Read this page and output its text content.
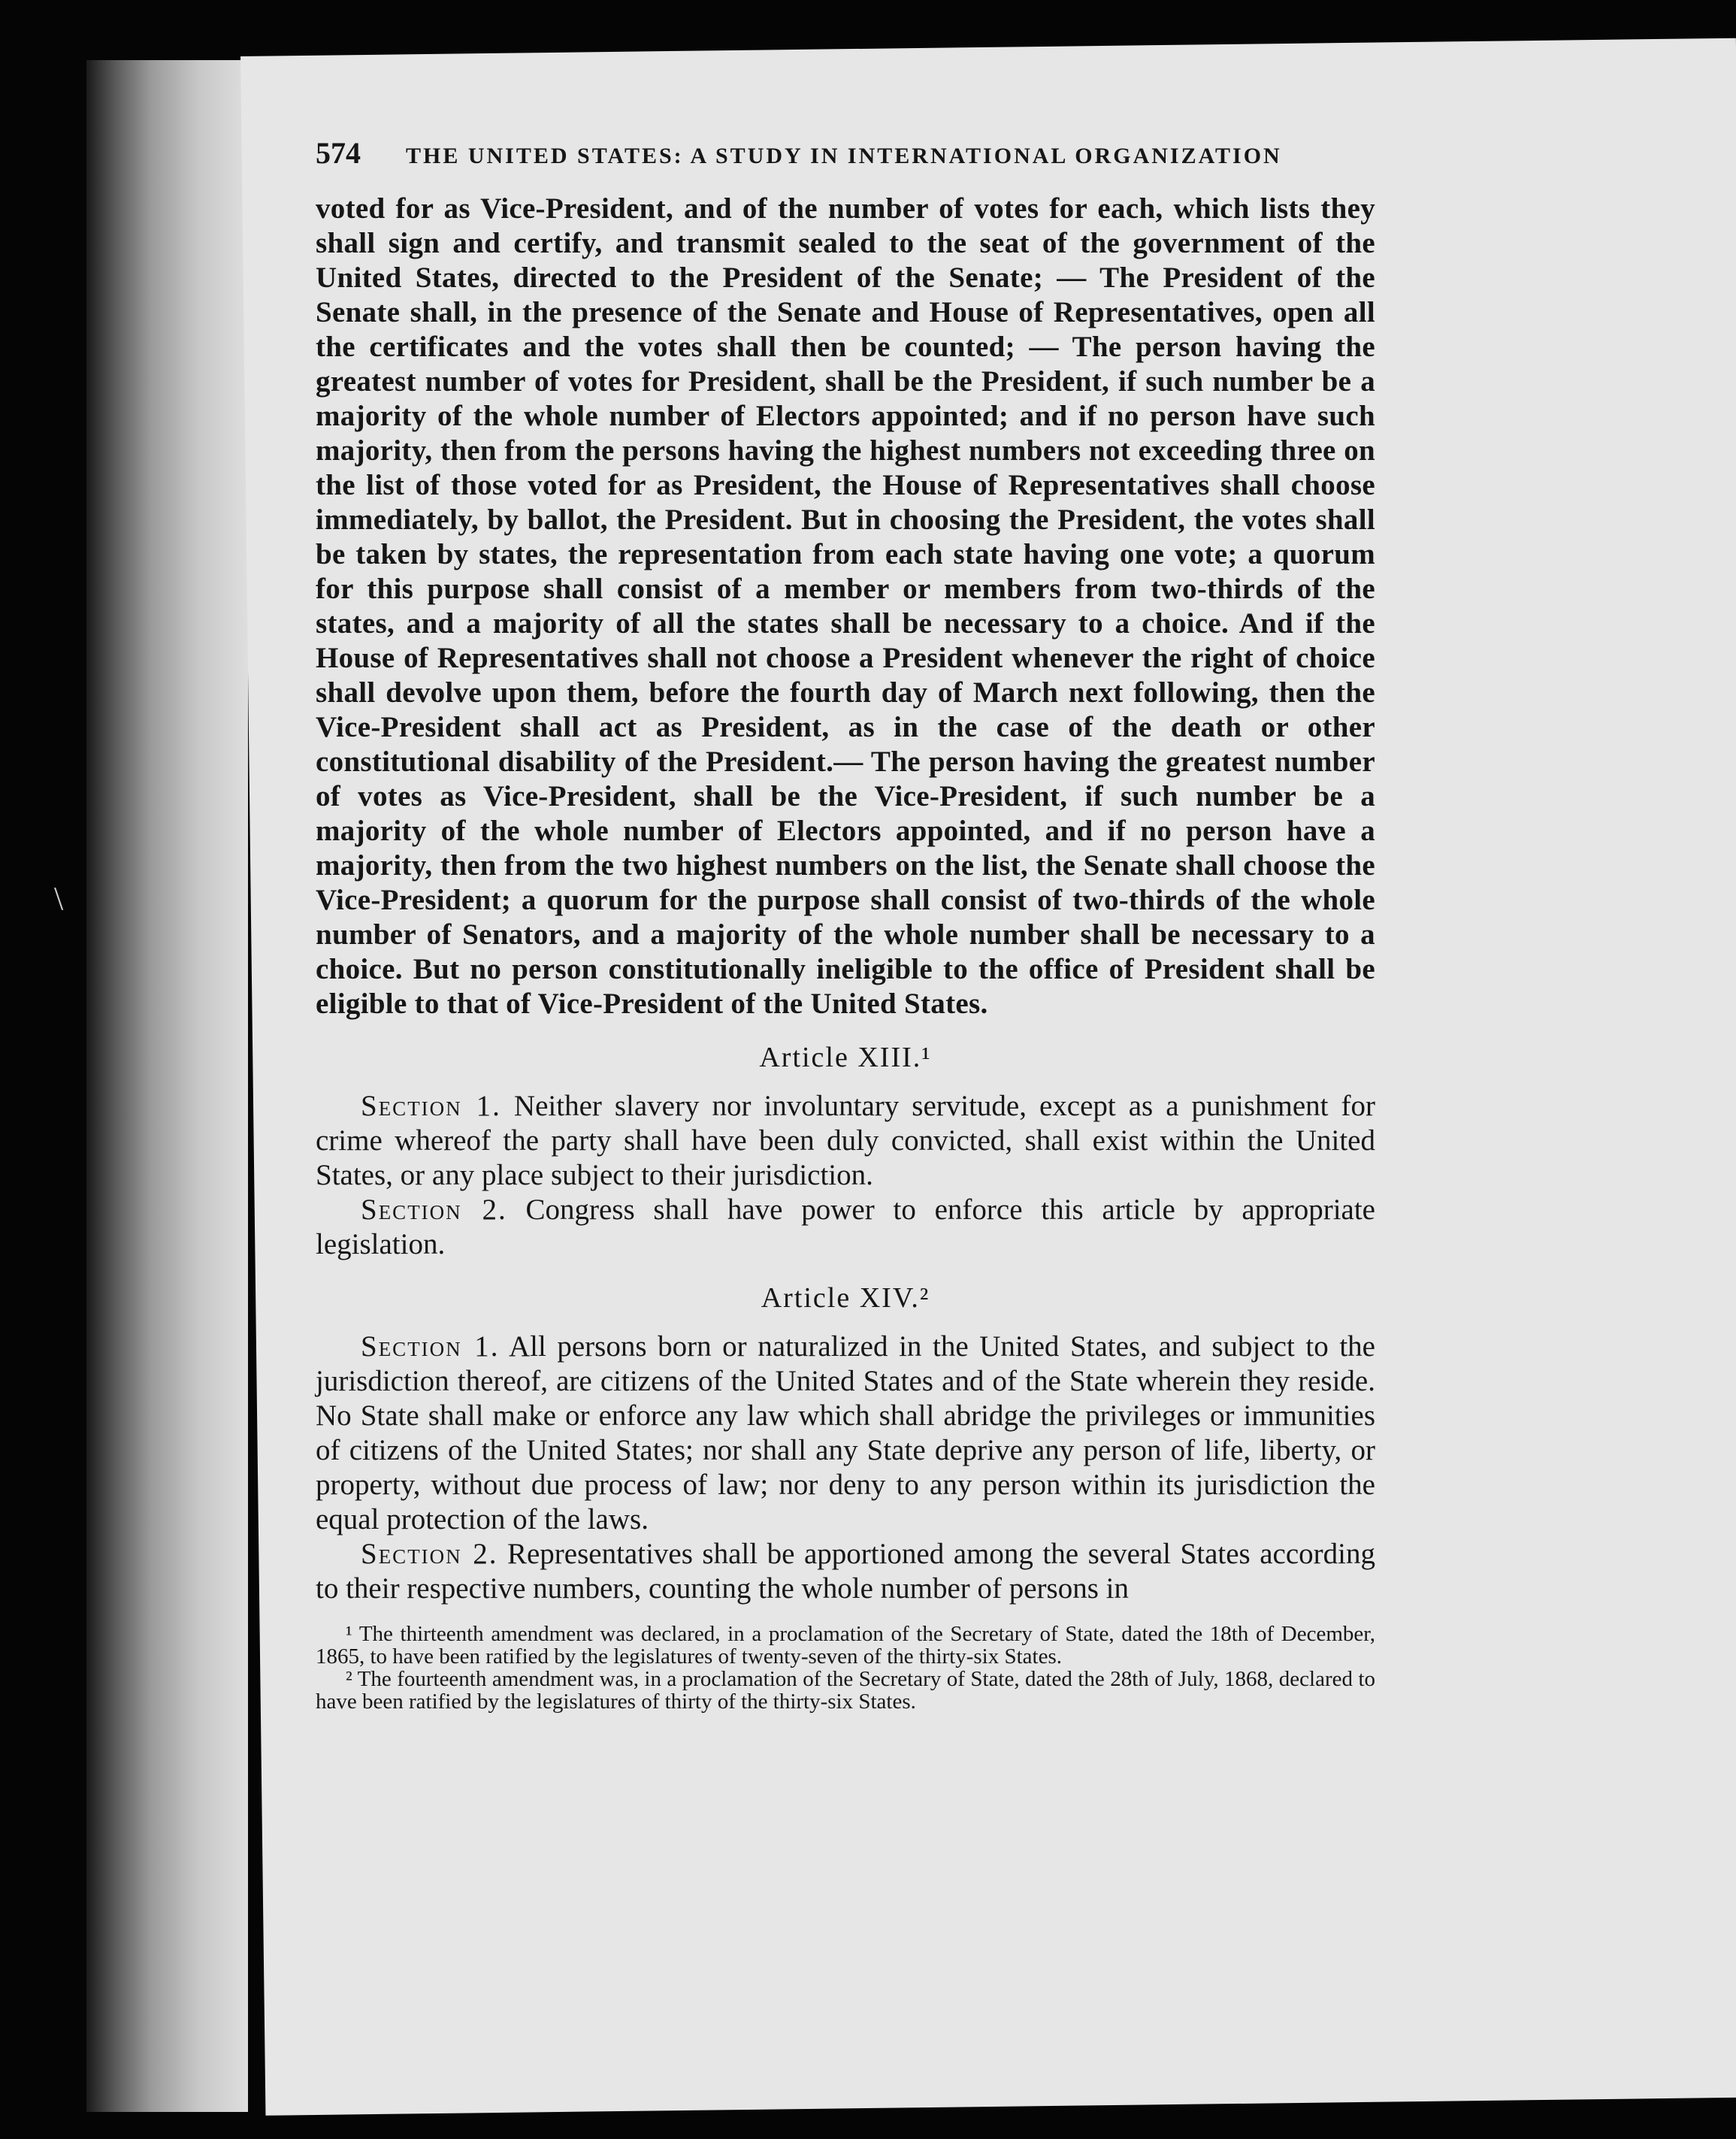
\
574 THE UNITED STATES: A STUDY IN INTERNATIONAL ORGANIZATION

voted for as Vice-President, and of the number of votes for each, which lists they shall sign and certify, and transmit sealed to the seat of the government of the United States, directed to the President of the Senate; — The President of the Senate shall, in the presence of the Senate and House of Representatives, open all the certificates and the votes shall then be counted; — The person having the greatest number of votes for President, shall be the President, if such number be a majority of the whole number of Electors appointed; and if no person have such majority, then from the persons having the highest numbers not exceeding three on the list of those voted for as President, the House of Representatives shall choose immediately, by ballot, the President. But in choosing the President, the votes shall be taken by states, the representation from each state having one vote; a quorum for this purpose shall consist of a member or members from two-thirds of the states, and a majority of all the states shall be necessary to a choice. And if the House of Representatives shall not choose a President whenever the right of choice shall devolve upon them, before the fourth day of March next following, then the Vice-President shall act as President, as in the case of the death or other constitutional disability of the President.— The person having the greatest number of votes as Vice-President, shall be the Vice-President, if such number be a majority of the whole number of Electors appointed, and if no person have a majority, then from the two highest numbers on the list, the Senate shall choose the Vice-President; a quorum for the purpose shall consist of two-thirds of the whole number of Senators, and a majority of the whole number shall be necessary to a choice. But no person constitutionally ineligible to the office of President shall be eligible to that of Vice-President of the United States.

Article XIII.¹

Section 1. Neither slavery nor involuntary servitude, except as a punishment for crime whereof the party shall have been duly convicted, shall exist within the United States, or any place subject to their jurisdiction.

Section 2. Congress shall have power to enforce this article by appropriate legislation.

Article XIV.²

Section 1. All persons born or naturalized in the United States, and subject to the jurisdiction thereof, are citizens of the United States and of the State wherein they reside. No State shall make or enforce any law which shall abridge the privileges or immunities of citizens of the United States; nor shall any State deprive any person of life, liberty, or property, without due process of law; nor deny to any person within its jurisdiction the equal protection of the laws.

Section 2. Representatives shall be apportioned among the several States according to their respective numbers, counting the whole number of persons in

¹ The thirteenth amendment was declared, in a proclamation of the Secretary of State, dated the 18th of December, 1865, to have been ratified by the legislatures of twenty-seven of the thirty-six States.

² The fourteenth amendment was, in a proclamation of the Secretary of State, dated the 28th of July, 1868, declared to have been ratified by the legislatures of thirty of the thirty-six States.
